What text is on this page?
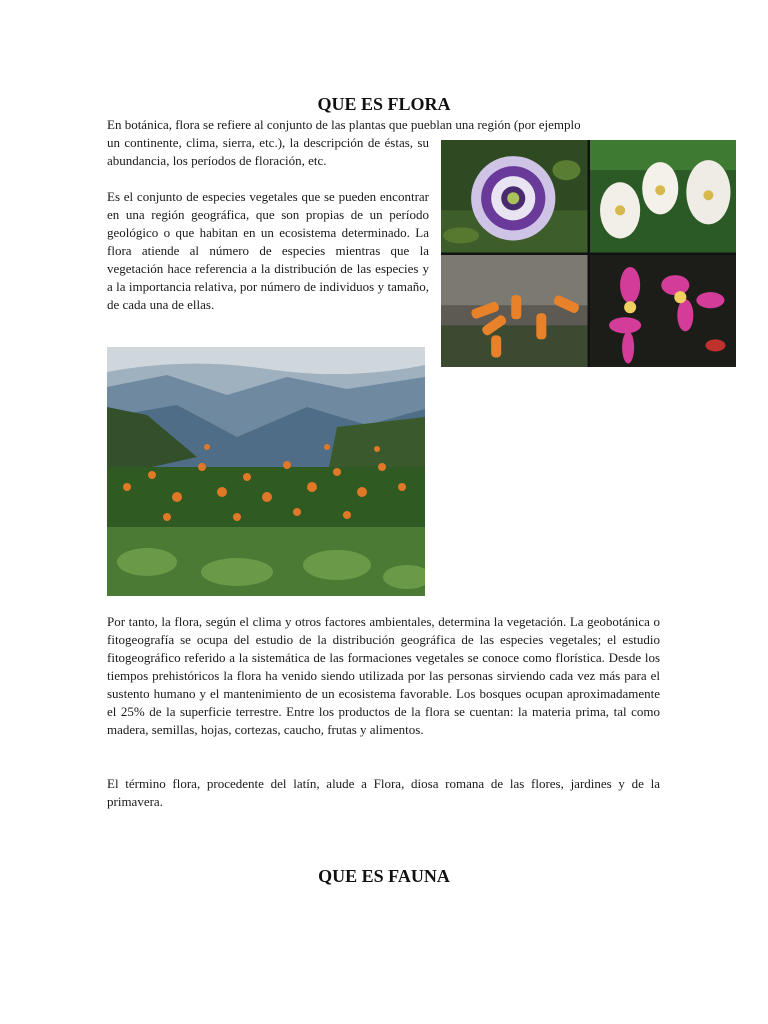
QUE ES FLORA

En botánica, flora se refiere al conjunto de las plantas que pueblan una región (por ejemplo

un continente, clima, sierra, etc.), la descripción de éstas, su abundancia, los períodos de floración, etc.

Es el conjunto de especies vegetales que se pueden encontrar en una región geográfica, que son propias de un período geológico o que habitan en un ecosistema determinado. La flora atiende al número de especies mientras que la vegetación hace referencia a la distribución de las especies y a la importancia relativa, por número de individuos y tamaño, de cada una de ellas.

Por tanto, la flora, según el clima y otros factores ambientales, determina la vegetación. La geobotánica o fitogeografía se ocupa del estudio de la distribución geográfica de las especies vegetales; el estudio fitogeográfico referido a la sistemática de las formaciones vegetales se conoce como florística. Desde los tiempos prehistóricos la flora ha venido siendo utilizada por las personas sirviendo cada vez más para el sustento humano y el mantenimiento de un ecosistema favorable. Los bosques ocupan aproximadamente el 25% de la superficie terrestre. Entre los productos de la flora se cuentan: la materia prima, tal como madera, semillas, hojas, cortezas, caucho, frutas y alimentos.

El término flora, procedente del latín, alude a Flora, diosa romana de las flores, jardines y de la primavera.

QUE ES FAUNA
